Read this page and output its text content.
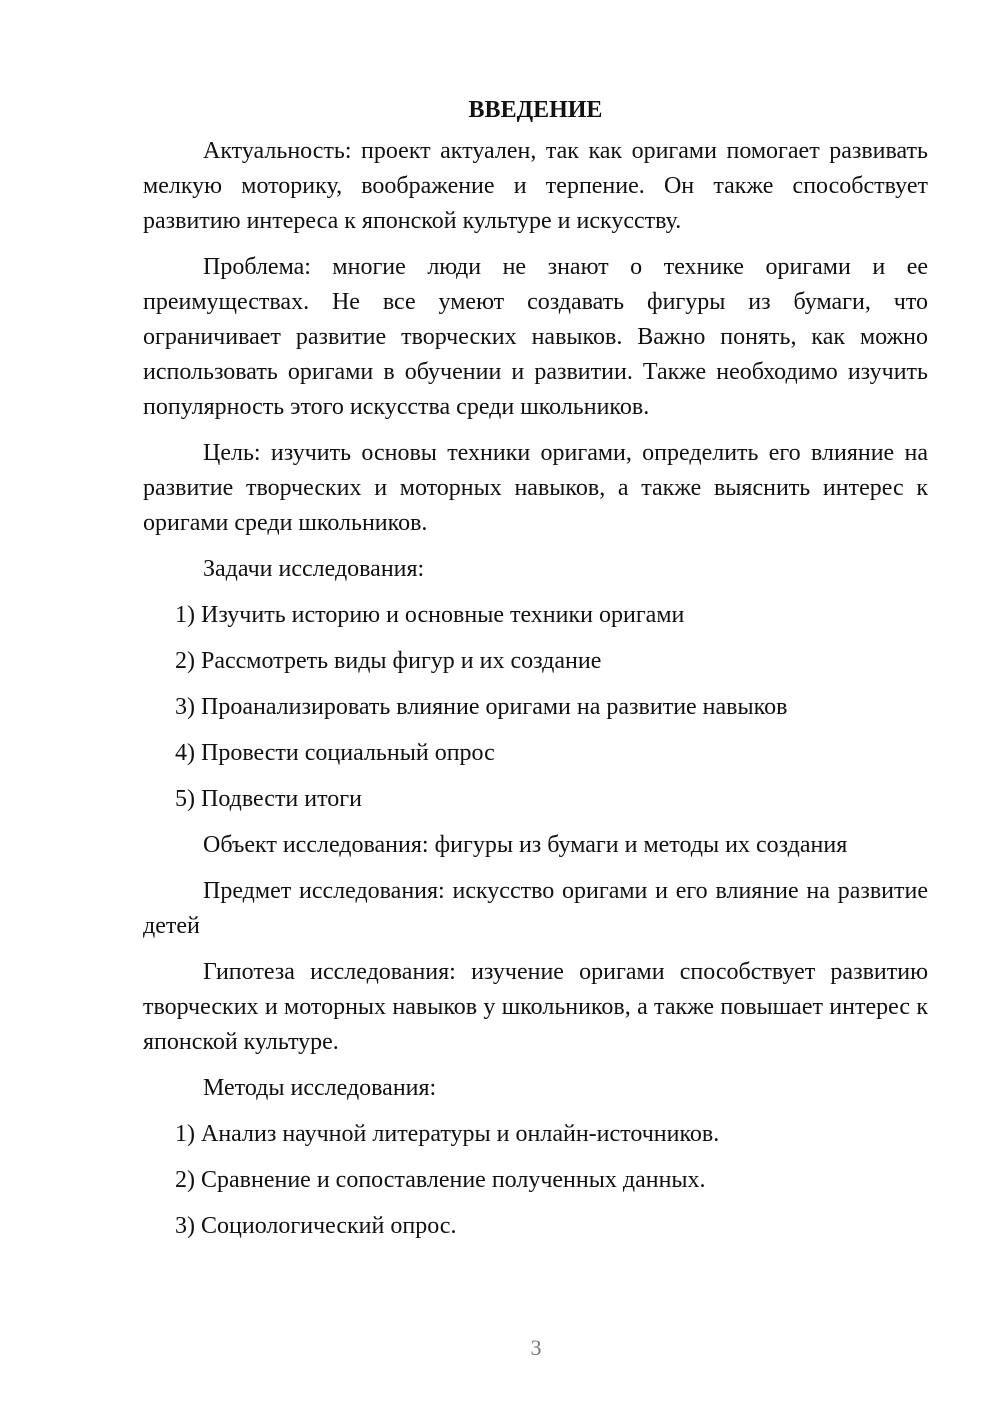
ВВЕДЕНИЕ

Актуальность: проект актуален, так как оригами помогает развивать мелкую моторику, воображение и терпение. Он также способствует развитию интереса к японской культуре и искусству.

Проблема: многие люди не знают о технике оригами и ее преимуществах. Не все умеют создавать фигуры из бумаги, что ограничивает развитие творческих навыков. Важно понять, как можно использовать оригами в обучении и развитии. Также необходимо изучить популярность этого искусства среди школьников.

Цель: изучить основы техники оригами, определить его влияние на развитие творческих и моторных навыков, а также выяснить интерес к оригами среди школьников.

Задачи исследования:
1) Изучить историю и основные техники оригами
2) Рассмотреть виды фигур и их создание
3) Проанализировать влияние оригами на развитие навыков
4) Провести социальный опрос
5) Подвести итоги
Объект исследования: фигуры из бумаги и методы их создания

Предмет исследования: искусство оригами и его влияние на развитие детей

Гипотеза исследования: изучение оригами способствует развитию творческих и моторных навыков у школьников, а также повышает интерес к японской культуре.

Методы исследования:
1) Анализ научной литературы и онлайн-источников.
2) Сравнение и сопоставление полученных данных.
3) Социологический опрос.
3
